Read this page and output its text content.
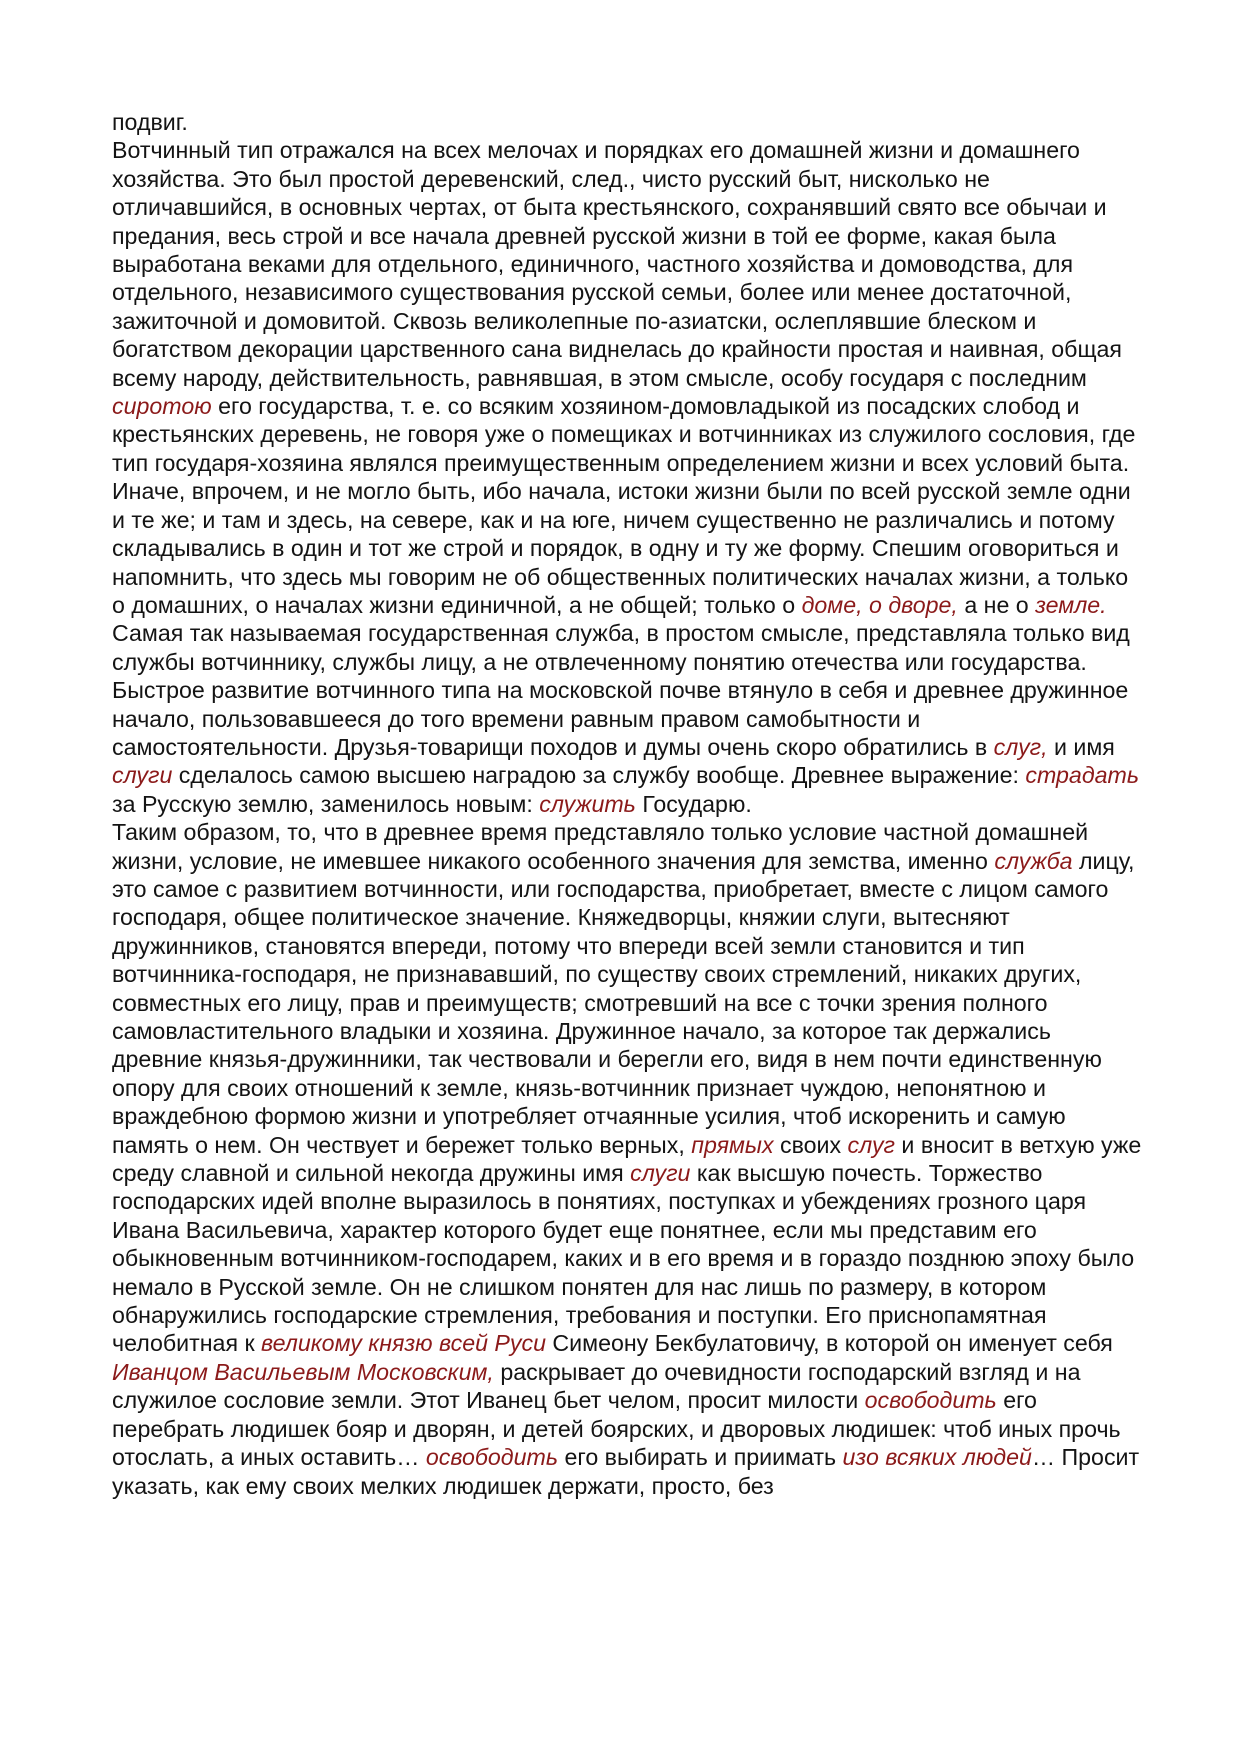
подвиг.

Вотчинный тип отражался на всех мелочах и порядках его домашней жизни и домашнего хозяйства. Это был простой деревенский, след., чисто русский быт, нисколько не отличавшийся, в основных чертах, от быта крестьянского, сохранявший свято все обычаи и предания, весь строй и все начала древней русской жизни в той ее форме, какая была выработана веками для отдельного, единичного, частного хозяйства и домоводства, для отдельного, независимого существования русской семьи, более или менее достаточной, зажиточной и домовитой. Сквозь великолепные по-азиатски, ослеплявшие блеском и богатством декорации царственного сана виднелась до крайности простая и наивная, общая всему народу, действительность, равнявшая, в этом смысле, особу государя с последним сиротою его государства, т. е. со всяким хозяином-домовладыкой из посадских слобод и крестьянских деревень, не говоря уже о помещиках и вотчинниках из служилого сословия, где тип государя-хозяина являлся преимущественным определением жизни и всех условий быта. Иначе, впрочем, и не могло быть, ибо начала, истоки жизни были по всей русской земле одни и те же; и там и здесь, на севере, как и на юге, ничем существенно не различались и потому складывались в один и тот же строй и порядок, в одну и ту же форму. Спешим оговориться и напомнить, что здесь мы говорим не об общественных политических началах жизни, а только о домашних, о началах жизни единичной, а не общей; только о доме, о дворе, а не о земле.

Самая так называемая государственная служба, в простом смысле, представляла только вид службы вотчиннику, службы лицу, а не отвлеченному понятию отечества или государства. Быстрое развитие вотчинного типа на московской почве втянуло в себя и древнее дружинное начало, пользовавшееся до того времени равным правом самобытности и самостоятельности. Друзья-товарищи походов и думы очень скоро обратились в слуг, и имя слуги сделалось самою высшею наградою за службу вообще. Древнее выражение: страдать за Русскую землю, заменилось новым: служить Государю.

Таким образом, то, что в древнее время представляло только условие частной домашней жизни, условие, не имевшее никакого особенного значения для земства, именно служба лицу, это самое с развитием вотчинности, или господарства, приобретает, вместе с лицом самого господаря, общее политическое значение. Княжедворцы, княжии слуги, вытесняют дружинников, становятся впереди, потому что впереди всей земли становится и тип вотчинника-господаря, не признававший, по существу своих стремлений, никаких других, совместных его лицу, прав и преимуществ; смотревший на все с точки зрения полного самовластительного владыки и хозяина. Дружинное начало, за которое так держались древние князья-дружинники, так чествовали и берегли его, видя в нем почти единственную опору для своих отношений к земле, князь-вотчинник признает чуждою, непонятною и враждебною формою жизни и употребляет отчаянные усилия, чтоб искоренить и самую память о нем. Он чествует и бережет только верных, прямых своих слуг и вносит в ветхую уже среду славной и сильной некогда дружины имя слуги как высшую почесть. Торжество господарских идей вполне выразилось в понятиях, поступках и убеждениях грозного царя Ивана Васильевича, характер которого будет еще понятнее, если мы представим его обыкновенным вотчинником-господарем, каких и в его время и в гораздо позднюю эпоху было немало в Русской земле. Он не слишком понятен для нас лишь по размеру, в котором обнаружились господарские стремления, требования и поступки. Его приснопамятная челобитная к великому князю всей Руси Симеону Бекбулатовичу, в которой он именует себя Иванцом Васильевым Московским, раскрывает до очевидности господарский взгляд и на служилое сословие земли. Этот Иванец бьет челом, просит милости освободить его перебрать людишек бояр и дворян, и детей боярских, и дворовых людишек: чтоб иных прочь отослать, а иных оставить… освободить его выбирать и приимать изо всяких людей… Просит указать, как ему своих мелких людишек держати, просто, без
